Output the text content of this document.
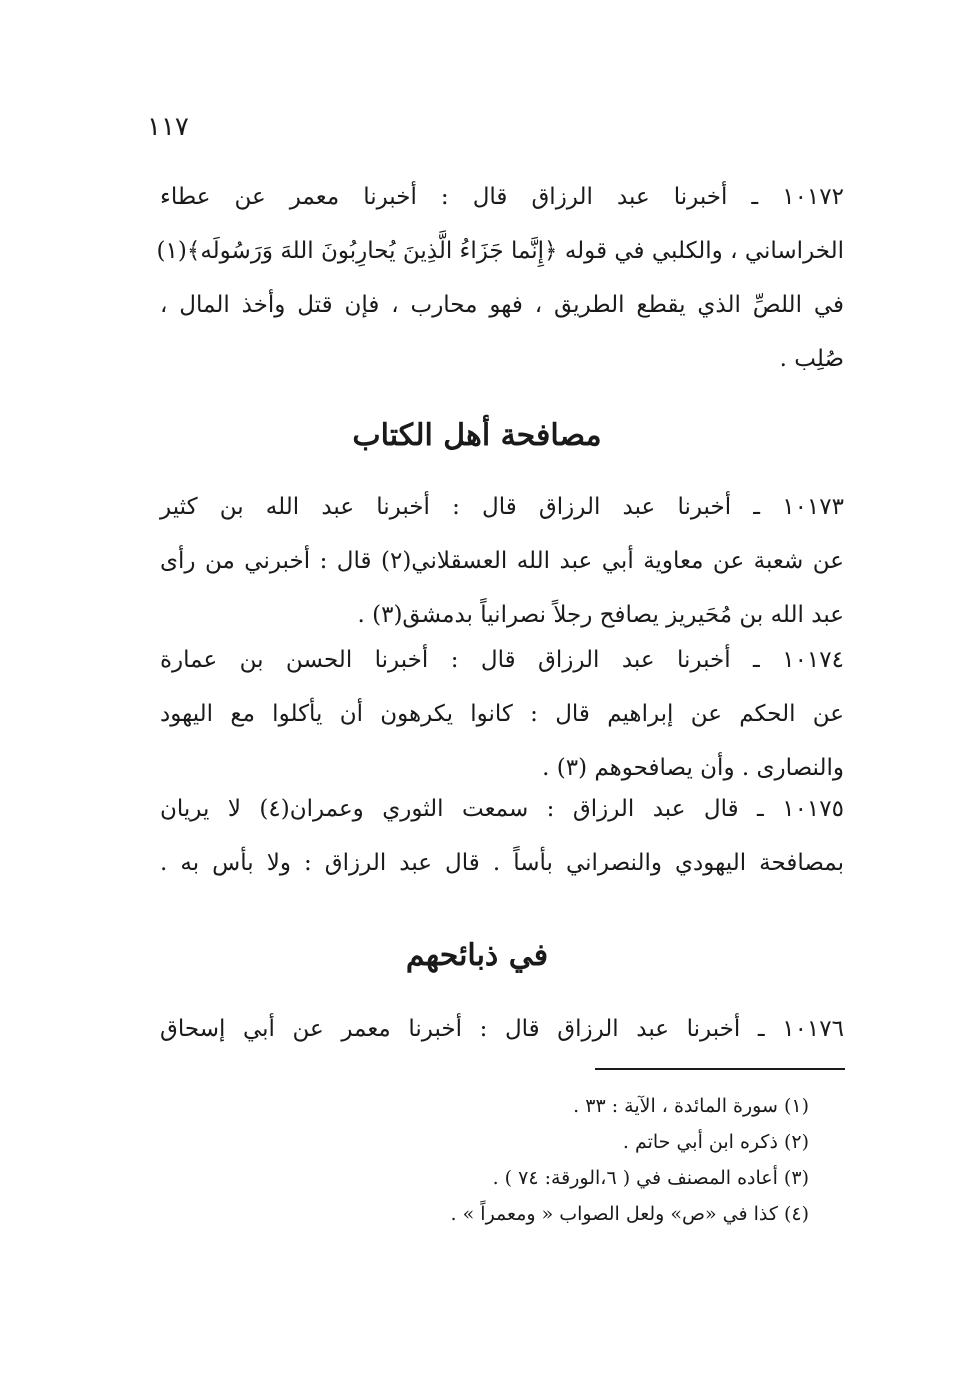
١١٧
١٠١٧٢ ـ أخبرنا عبد الرزاق قال : أخبرنا معمر عن عطاء
الخراساني ، والكلبي في قوله ﴿إِنَّما جَزَاءُ الَّذِينَ يُحارِبُونَ اللهَ وَرَسُولَه﴾(١)
في اللصِّ الذي يقطع الطريق ، فهو محارب ، فإن قتل وأخذ المال ،
صُلِب .
مصافحة أهل الكتاب
١٠١٧٣ ـ أخبرنا عبد الرزاق قال : أخبرنا عبد الله بن كثير
عن شعبة عن معاوية أبي عبد الله العسقلاني(٢) قال : أخبرني من رأى
عبد الله بن مُحَيريز يصافح رجلاً نصرانياً بدمشق(٣) .
١٠١٧٤ ـ أخبرنا عبد الرزاق قال : أخبرنا الحسن بن عمارة
عن الحكم عن إبراهيم قال : كانوا يكرهون أن يأكلوا مع اليهود
والنصارى . وأن يصافحوهم (٣) .
١٠١٧٥ ـ قال عبد الرزاق : سمعت الثوري وعمران(٤) لا يريان
بمصافحة اليهودي والنصراني بأساً . قال عبد الرزاق : ولا بأس به .
في ذبائحهم
١٠١٧٦ ـ أخبرنا عبد الرزاق قال : أخبرنا معمر عن أبي إسحاق
(١) سورة المائدة ، الآية : ٣٣ .
(٢) ذكره ابن أبي حاتم .
(٣) أعاده المصنف في ( ٦،الورقة: ٧٤ ) .
(٤) كذا في «ص» ولعل الصواب « ومعمراً » .
